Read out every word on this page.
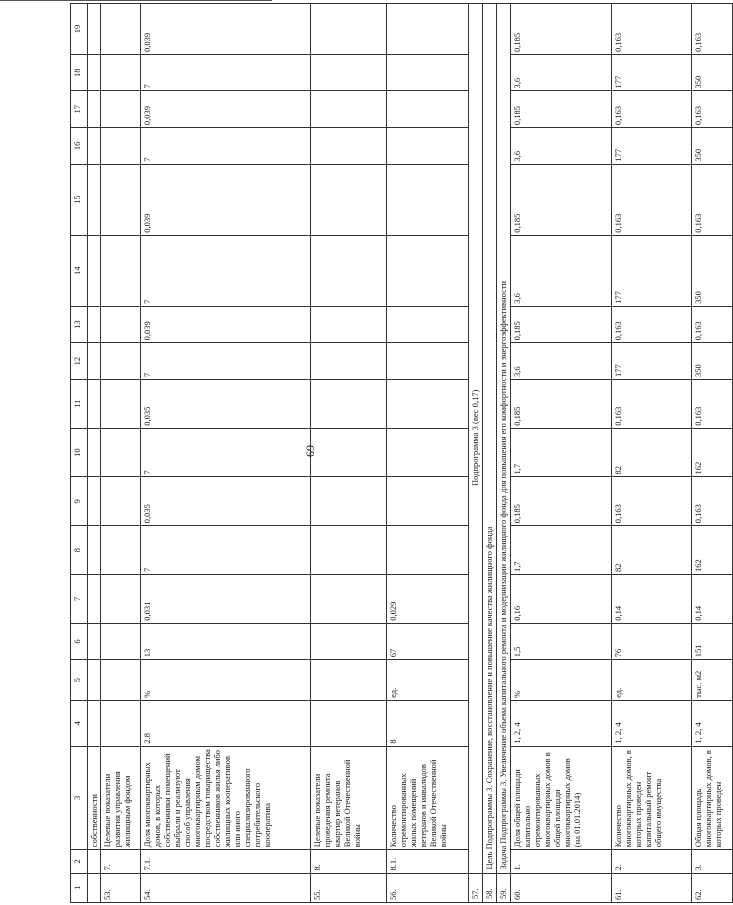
69
1	2	3	4	5	6	7	8	9	10	11	12	13	14	15	16	17	18	19
		собственности																
53.	7.	Целевые показатели развития управления жилищным фондом																
54.	7.1.	Доля многоквартирных домов, в которых собственники помещений выбрали и реализуют способ управления многоквартирным домом посредством товарищества собственников жилья либо жилищных кооперативов или иного специализированного потребительского кооператива	2.8	%	13	0,031	7	0,035	7	0,035	7	0,039	7	0,039	7	0,039	7	0,039
55.	8.	Целевые показатели проведения ремонта квартир ветеранов Великой Отечественной войны																
56.	8.1.	Количество отремонтированных жилых помещений ветеранов и инвалидов Великой Отечественной войны	8	ед.	67	0,029												
57.	Подпрограмма 3 (вес 0,17)																	
58.	Цель Подпрограммы 3. Сохранение, восстановление и повышение качества жилищного фонда																	
59.	Задача Подпрограммы 3. Увеличение объема капитального ремонта и модернизации жилищного фонда для повышения его комфортности и энергоэффективности																	
60.	1.	Доля общей площади капитально отремонтированных многоквартирных домов в общей площади многоквартирных домов (на 01.01.2014)	1, 2, 4	%	1,5	0,16	1,7	0,185	1,7	0,185	3,6	0,185	3,6	0,185	3,6	0,185	3,6	0,185
61.	2.	Количество многоквартирных домов, в которых проведен капитальный ремонт общего имущества	1, 2, 4	ед.	76	0,14	82	0,163	82	0,163	177	0,163	177	0,163	177	0,163	177	0,163
62.	3.	Общая площадь многоквартирных домов, в которых проведен	1, 2, 4	тыс. м2	151	0,14	162	0,163	162	0,163	350	0,163	350	0,163	350	0,163	350	0,163
